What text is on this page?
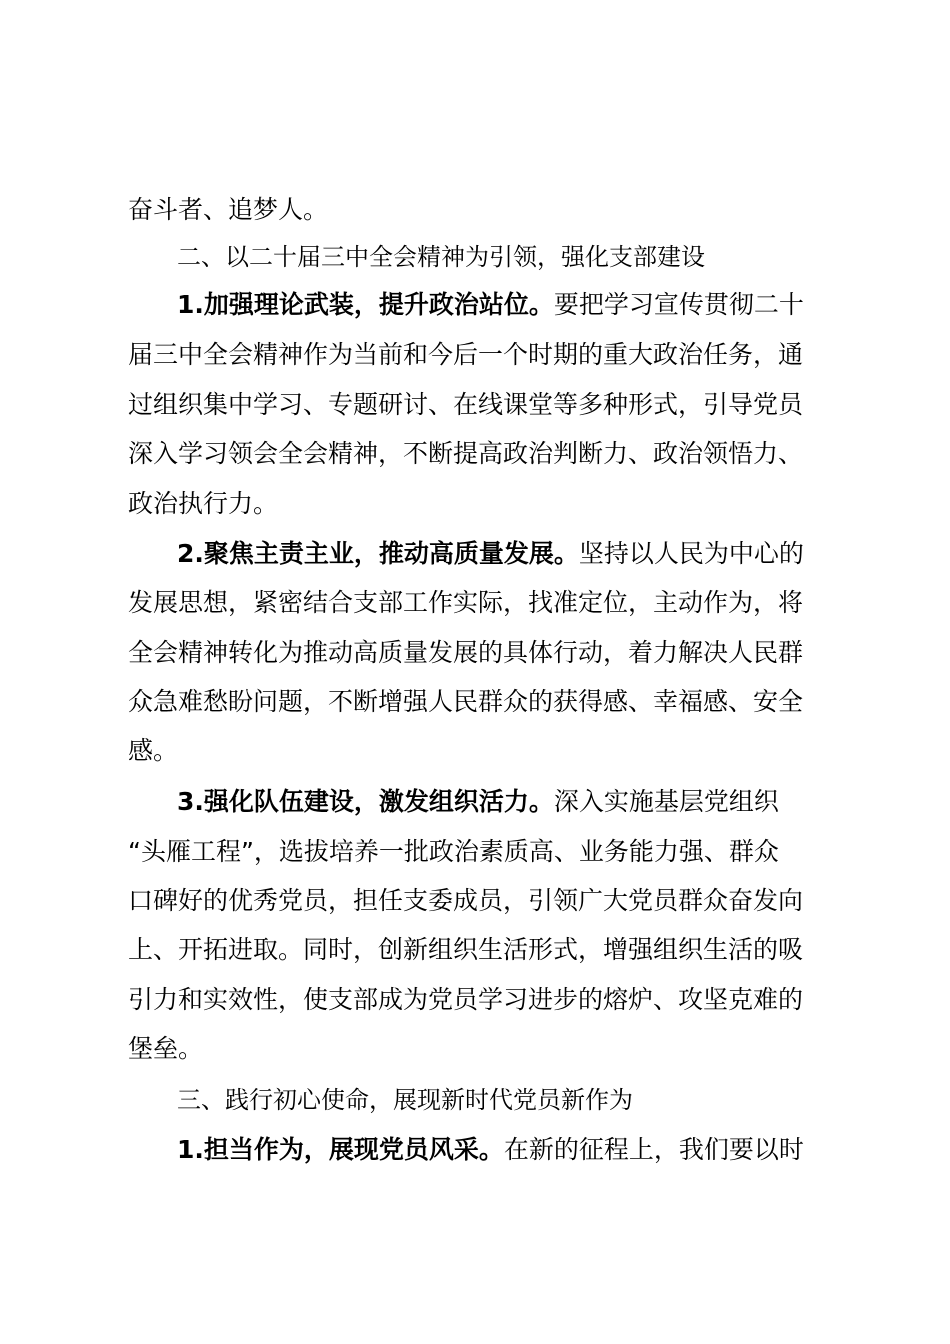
奋斗者、追梦人。
二、以二十届三中全会精神为引领，强化支部建设
1.加强理论武装，提升政治站位。要把学习宣传贯彻二十
届三中全会精神作为当前和今后一个时期的重大政治任务，通
过组织集中学习、专题研讨、在线课堂等多种形式，引导党员
深入学习领会全会精神，不断提高政治判断力、政治领悟力、
政治执行力。
2.聚焦主责主业，推动高质量发展。坚持以人民为中心的
发展思想，紧密结合支部工作实际，找准定位，主动作为，将
全会精神转化为推动高质量发展的具体行动，着力解决人民群
众急难愁盼问题，不断增强人民群众的获得感、幸福感、安全
感。
3.强化队伍建设，激发组织活力。深入实施基层党组织
“头雁工程”，选拔培养一批政治素质高、业务能力强、群众
口碑好的优秀党员，担任支委成员，引领广大党员群众奋发向
上、开拓进取。同时，创新组织生活形式，增强组织生活的吸
引力和实效性，使支部成为党员学习进步的熔炉、攻坚克难的
堡垒。
三、践行初心使命，展现新时代党员新作为
1.担当作为，展现党员风采。在新的征程上，我们要以时
